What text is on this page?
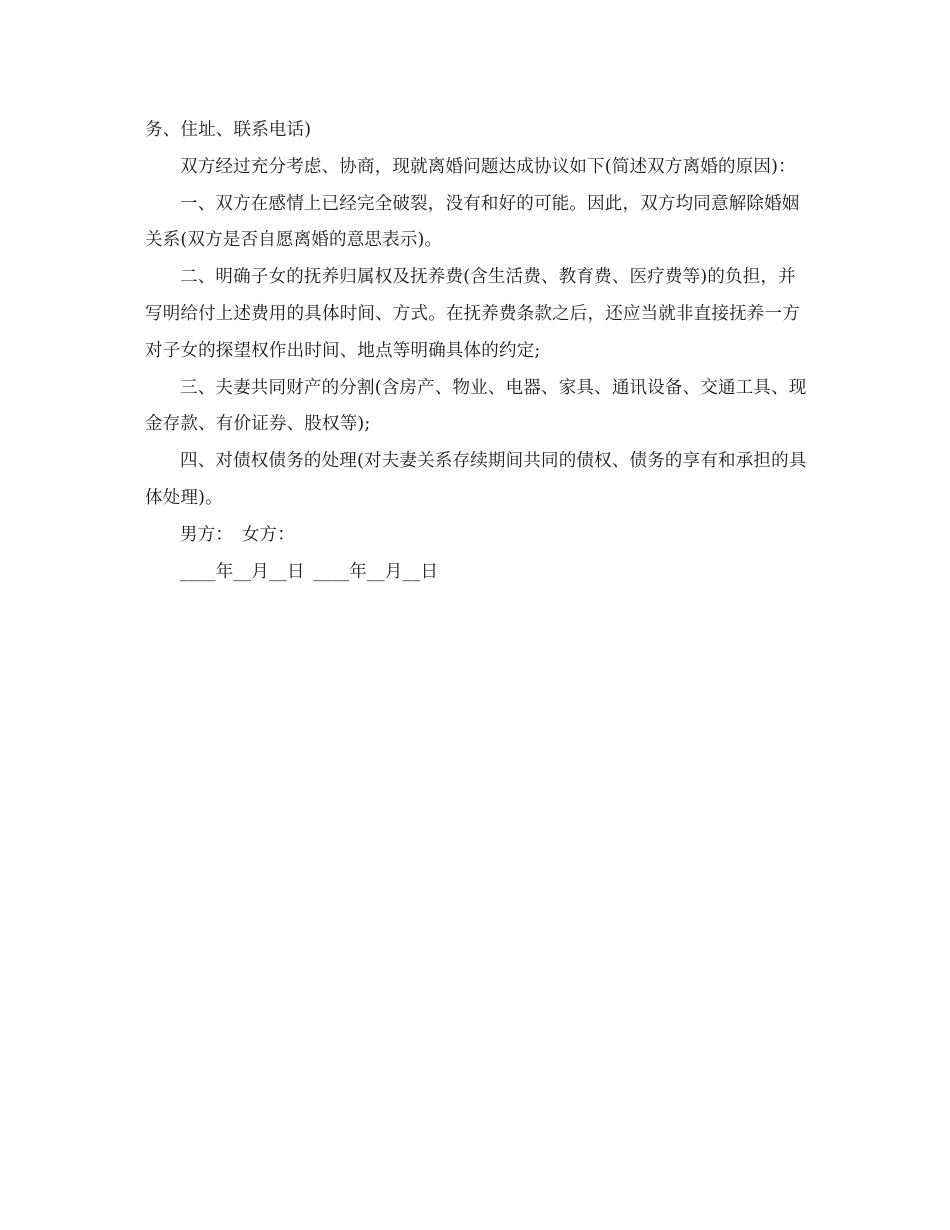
务、住址、联系电话)

双方经过充分考虑、协商，现就离婚问题达成协议如下(简述双方离婚的原因)：

一、双方在感情上已经完全破裂，没有和好的可能。因此，双方均同意解除婚姻关系(双方是否自愿离婚的意思表示)。

二、明确子女的抚养归属权及抚养费(含生活费、教育费、医疗费等)的负担，并写明给付上述费用的具体时间、方式。在抚养费条款之后，还应当就非直接抚养一方对子女的探望权作出时间、地点等明确具体的约定;

三、夫妻共同财产的分割(含房产、物业、电器、家具、通讯设备、交通工具、现金存款、有价证券、股权等);

四、对债权债务的处理(对夫妻关系存续期间共同的债权、债务的享有和承担的具体处理)。

男方： 女方：

____年__月__日 ____年__月__日
